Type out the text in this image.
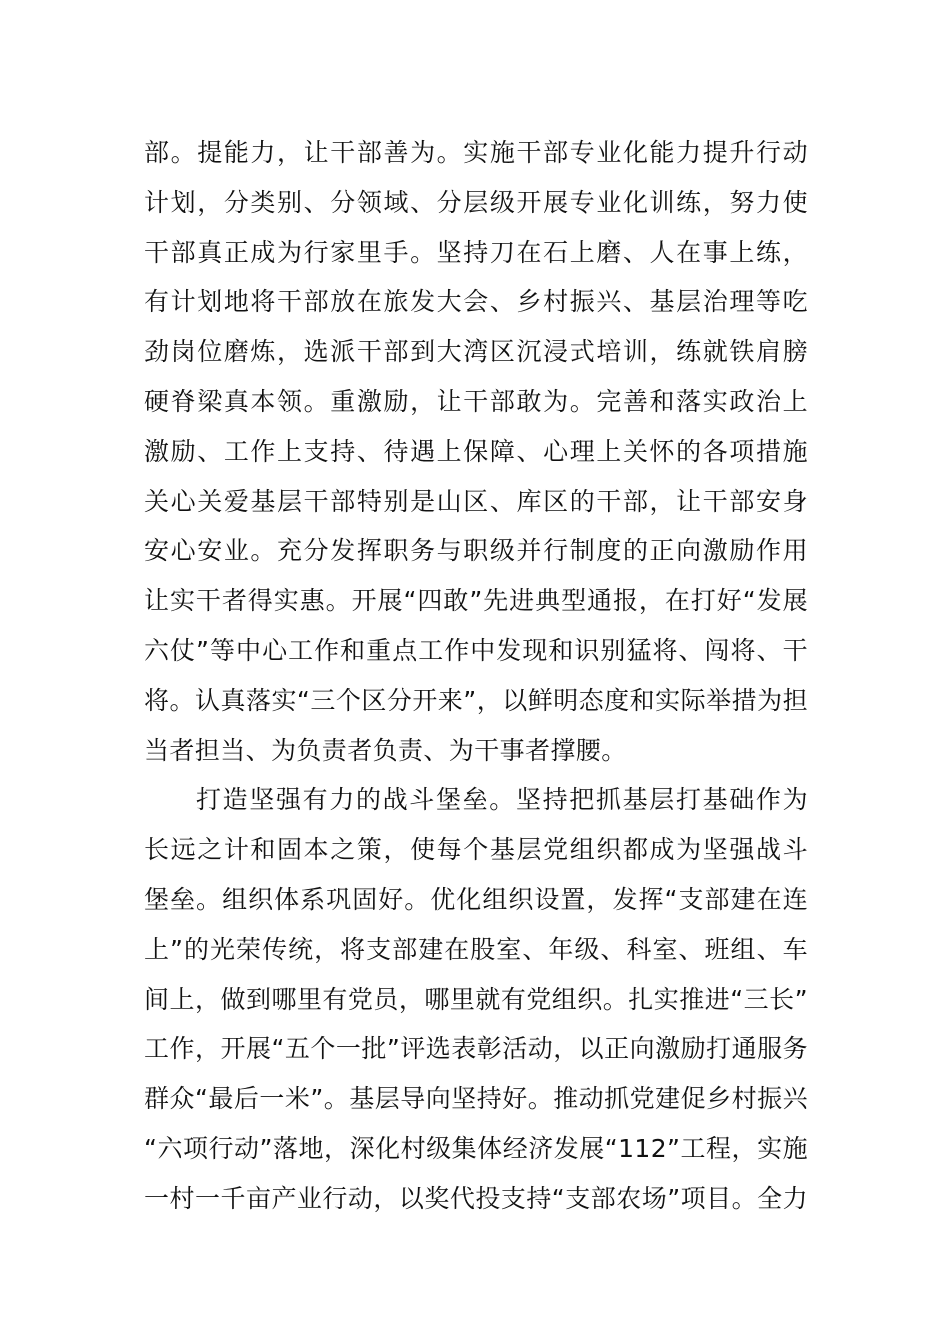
部。提能力，让干部善为。实施干部专业化能力提升行动
计划，分类别、分领域、分层级开展专业化训练，努力使
干部真正成为行家里手。坚持刀在石上磨、人在事上练，
有计划地将干部放在旅发大会、乡村振兴、基层治理等吃
劲岗位磨炼，选派干部到大湾区沉浸式培训，练就铁肩膀
硬脊梁真本领。重激励，让干部敢为。完善和落实政治上
激励、工作上支持、待遇上保障、心理上关怀的各项措施
关心关爱基层干部特别是山区、库区的干部，让干部安身
安心安业。充分发挥职务与职级并行制度的正向激励作用
让实干者得实惠。开展“四敢”先进典型通报，在打好“发展
六仗”等中心工作和重点工作中发现和识别猛将、闯将、干
将。认真落实“三个区分开来”，以鲜明态度和实际举措为担
当者担当、为负责者负责、为干事者撑腰。
打造坚强有力的战斗堡垒。坚持把抓基层打基础作为
长远之计和固本之策，使每个基层党组织都成为坚强战斗
堡垒。组织体系巩固好。优化组织设置，发挥“支部建在连
上”的光荣传统，将支部建在股室、年级、科室、班组、车
间上，做到哪里有党员，哪里就有党组织。扎实推进“三长”
工作，开展“五个一批”评选表彰活动，以正向激励打通服务
群众“最后一米”。基层导向坚持好。推动抓党建促乡村振兴
“六项行动”落地，深化村级集体经济发展“112”工程，实施
一村一千亩产业行动，以奖代投支持“支部农场”项目。全力
